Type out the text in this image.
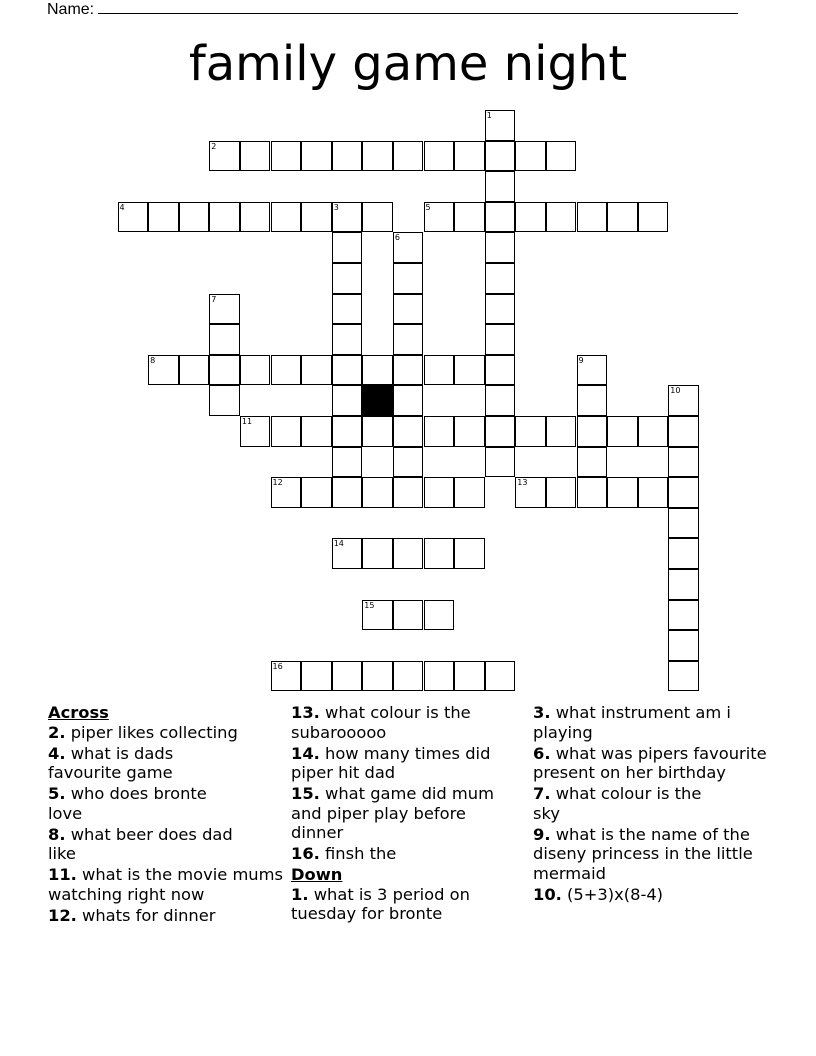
Name:
family game night
1
2
3
4	5
6
7
8	9
10
11
12	13
14
15
16
Across
2. piper likes collecting
4. what is dads favourite game
5. who does bronte love
8. what beer does dad like
11. what is the movie mums watching right now
12. whats for dinner
13. what colour is the subarooooo
14. how many times did piper hit dad
15. what game did mum and piper play before dinner
16. finsh the
Down
1. what is 3 period on tuesday for bronte
3. what instrument am i playing
6. what was pipers favourite present on her birthday
7. what colour is the sky
9. what is the name of the diseny princess in the little mermaid
10. (5+3)x(8-4)
